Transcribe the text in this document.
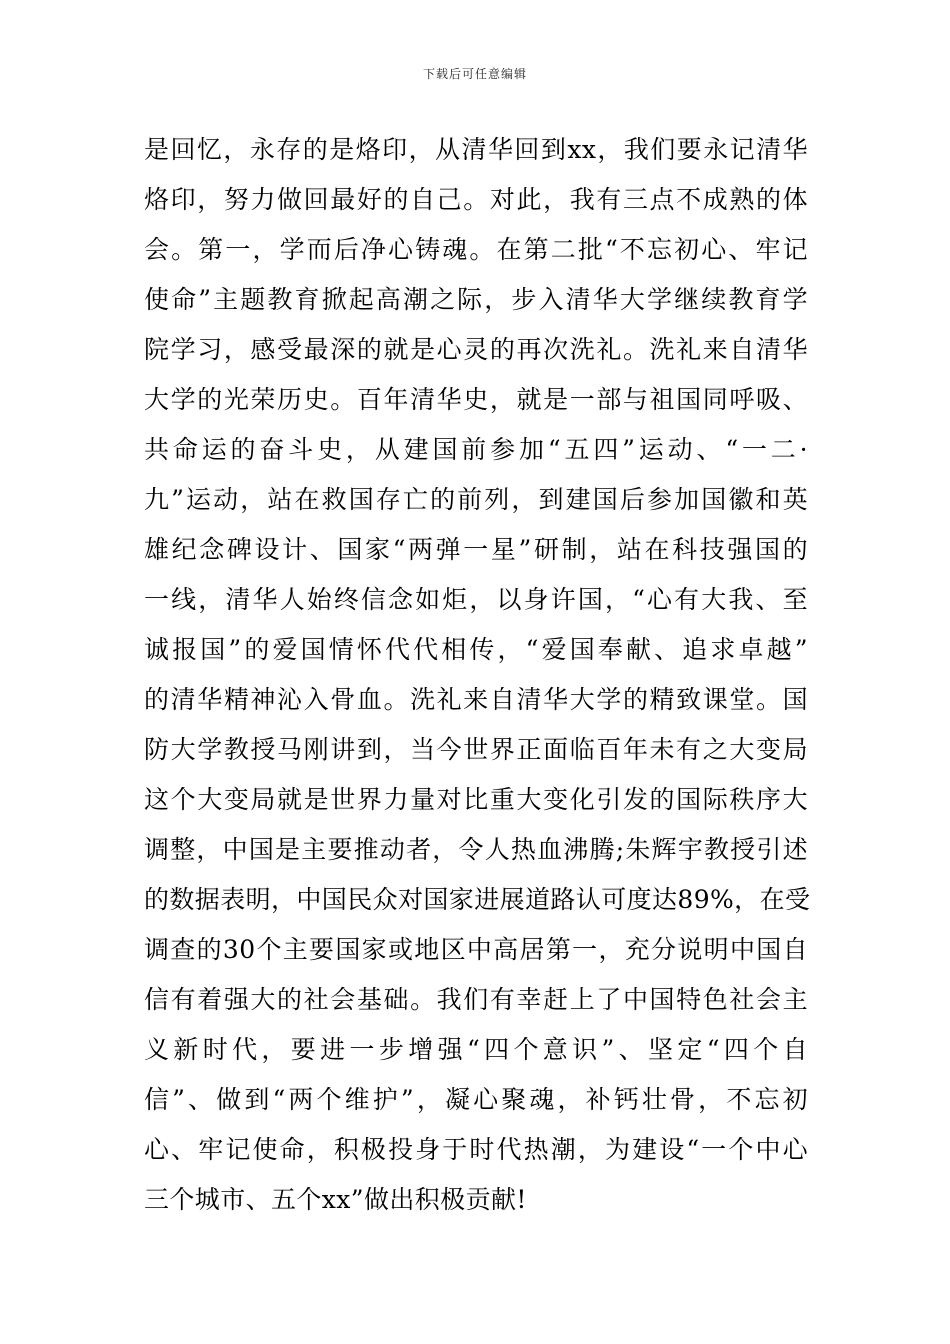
下载后可任意编辑
是回忆，永存的是烙印，从清华回到xx，我们要永记清华
烙印，努力做回最好的自己。对此，我有三点不成熟的体
会。第一，学而后净心铸魂。在第二批“不忘初心、牢记
使命”主题教育掀起高潮之际，步入清华大学继续教育学
院学习，感受最深的就是心灵的再次洗礼。洗礼来自清华
大学的光荣历史。百年清华史，就是一部与祖国同呼吸、
共命运的奋斗史，从建国前参加“五四”运动、“一二·
九”运动，站在救国存亡的前列，到建国后参加国徽和英
雄纪念碑设计、国家“两弹一星”研制，站在科技强国的
一线，清华人始终信念如炬，以身许国，“心有大我、至
诚报国”的爱国情怀代代相传，“爱国奉献、追求卓越”
的清华精神沁入骨血。洗礼来自清华大学的精致课堂。国
防大学教授马刚讲到，当今世界正面临百年未有之大变局
这个大变局就是世界力量对比重大变化引发的国际秩序大
调整，中国是主要推动者，令人热血沸腾;朱辉宇教授引述
的数据表明，中国民众对国家进展道路认可度达89%，在受
调查的30个主要国家或地区中高居第一，充分说明中国自
信有着强大的社会基础。我们有幸赶上了中国特色社会主
义新时代，要进一步增强“四个意识”、坚定“四个自
信”、做到“两个维护”，凝心聚魂，补钙壮骨，不忘初
心、牢记使命，积极投身于时代热潮，为建设“一个中心
三个城市、五个xx”做出积极贡献!
